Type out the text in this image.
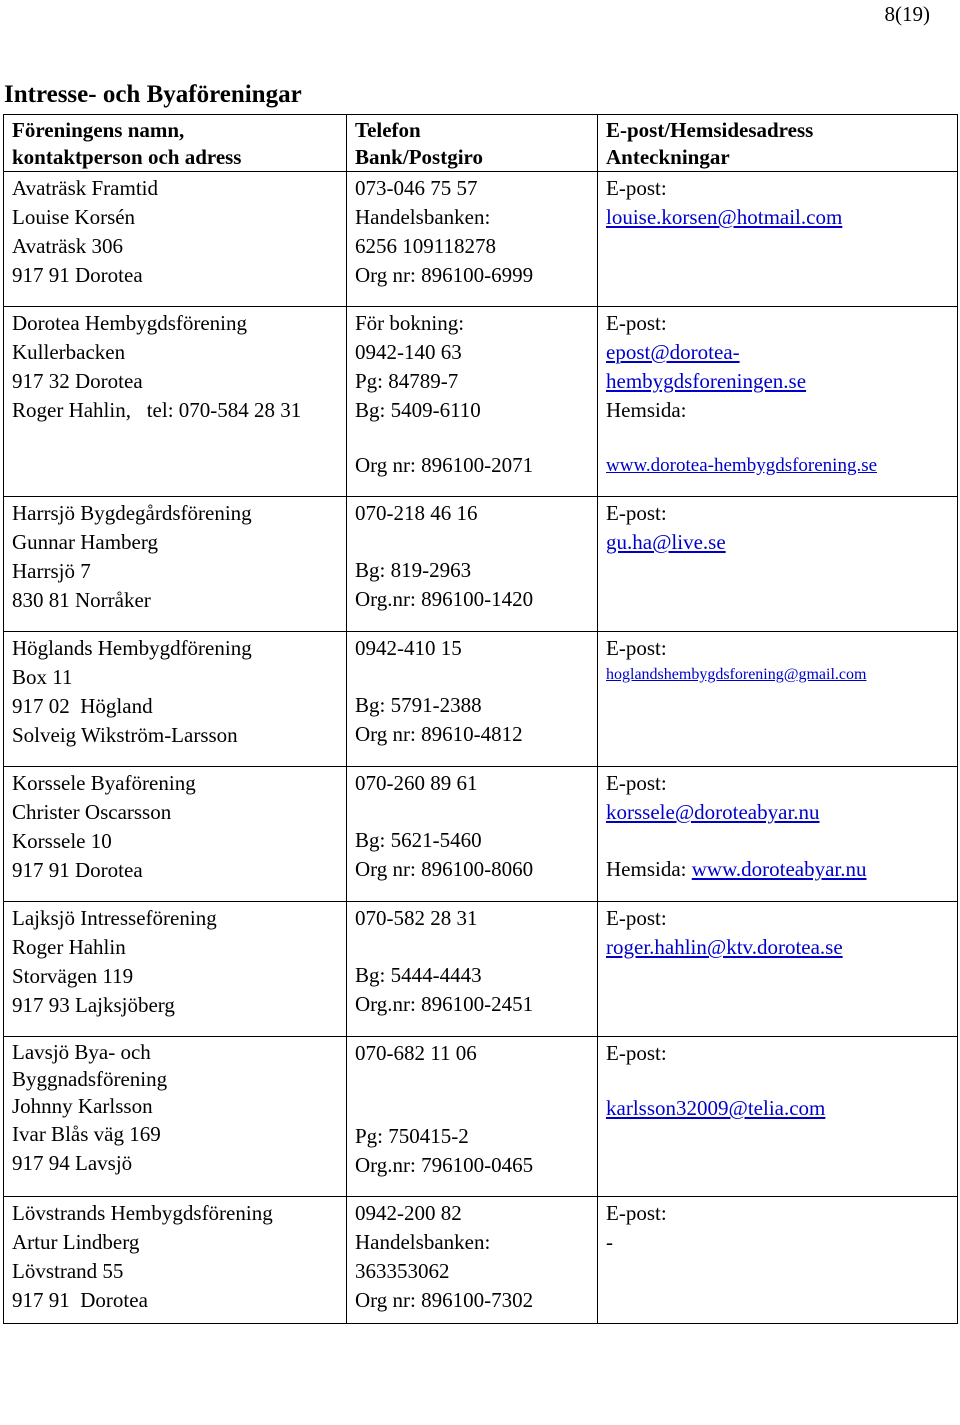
8(19)
Intresse- och Byaföreningar
Föreningens namn,
kontaktperson och adress	Telefon
Bank/Postgiro	E-post/Hemsidesadress
Anteckningar

Avaträsk Framtid
Louise Korsén
Avaträsk 306
917 91 Dorotea	073-046 75 57
Handelsbanken:
6256 109118278
Org nr: 896100-6999	E-post:
louise.korsen@hotmail.com

Dorotea Hembygdsförening
Kullerbacken
917 32 Dorotea
Roger Hahlin,   tel: 070-584 28 31	För bokning:
0942-140 63
Pg: 84789-7
Bg: 5409-6110
Org nr: 896100-2071	E-post:
epost@dorotea-
hembygdsforeningen.se
Hemsida:
www.dorotea-hembygdsforening.se

Harrsjö Bygdegårdsförening
Gunnar Hamberg
Harrsjö 7
830 81 Norråker	070-218 46 16
Bg: 819-2963
Org.nr: 896100-1420	E-post:
gu.ha@live.se

Höglands Hembygdförening
Box 11
917 02  Högland
Solveig Wikström-Larsson	0942-410 15
Bg: 5791-2388
Org nr: 89610-4812	E-post:
hoglandshembygdsforening@gmail.com

Korssele Byaförening
Christer Oscarsson
Korssele 10
917 91 Dorotea	070-260 89 61
Bg: 5621-5460
Org nr: 896100-8060	E-post:
korssele@doroteabyar.nu
Hemsida: www.doroteabyar.nu

Lajksjö Intresseförening
Roger Hahlin
Storvägen 119
917 93 Lajksjöberg	070-582 28 31
Bg: 5444-4443
Org.nr: 896100-2451	E-post:
roger.hahlin@ktv.dorotea.se

Lavsjö Bya- och
Byggnadsförening
Johnny Karlsson
Ivar Blås väg 169
917 94 Lavsjö	070-682 11 06
Pg: 750415-2
Org.nr: 796100-0465	E-post:
karlsson32009@telia.com

Lövstrands Hembygdsförening
Artur Lindberg
Lövstrand 55
917 91  Dorotea	0942-200 82
Handelsbanken:
363353062
Org nr: 896100-7302	E-post:
-
